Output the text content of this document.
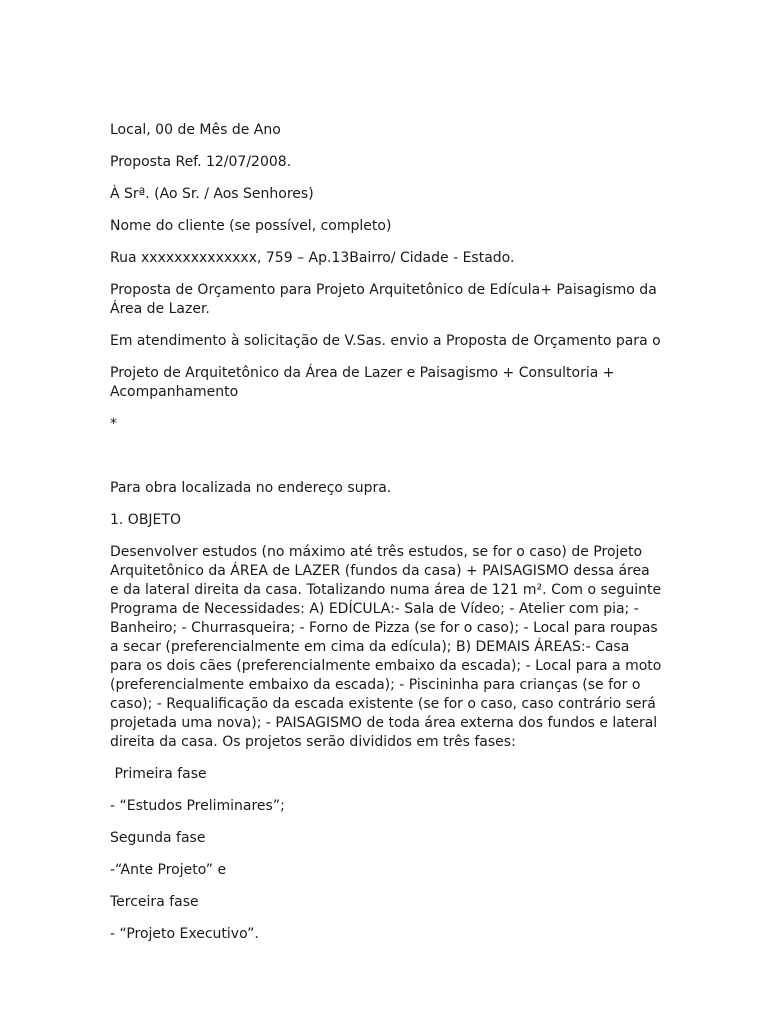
Local, 00 de Mês de Ano

Proposta Ref. 12/07/2008.

À Srª. (Ao Sr. / Aos Senhores)

Nome do cliente (se possível, completo)

Rua xxxxxxxxxxxxxx, 759 – Ap.13Bairro/ Cidade - Estado.

Proposta de Orçamento para Projeto Arquitetônico de Edícula+ Paisagismo da Área de Lazer.

Em atendimento à solicitação de V.Sas. envio a Proposta de Orçamento para o

Projeto de Arquitetônico da Área de Lazer e Paisagismo + Consultoria + Acompanhamento

*

Para obra localizada no endereço supra.

1. OBJETO

Desenvolver estudos (no máximo até três estudos, se for o caso) de Projeto Arquitetônico da ÁREA de LAZER (fundos da casa) + PAISAGISMO dessa área e da lateral direita da casa. Totalizando numa área de 121 m². Com o seguinte Programa de Necessidades: A) EDÍCULA:- Sala de Vídeo; - Atelier com pia; - Banheiro; - Churrasqueira; - Forno de Pizza (se for o caso); - Local para roupas a secar (preferencialmente em cima da edícula); B) DEMAIS ÁREAS:- Casa para os dois cães (preferencialmente embaixo da escada); - Local para a moto (preferencialmente embaixo da escada); - Piscininha para crianças (se for o caso); - Requalificação da escada existente (se for o caso, caso contrário será projetada uma nova); - PAISAGISMO de toda área externa dos fundos e lateral direita da casa. Os projetos serão divididos em três fases:

Primeira fase

- “Estudos Preliminares”;

Segunda fase

-“Ante Projeto” e

Terceira fase

- “Projeto Executivo”.
